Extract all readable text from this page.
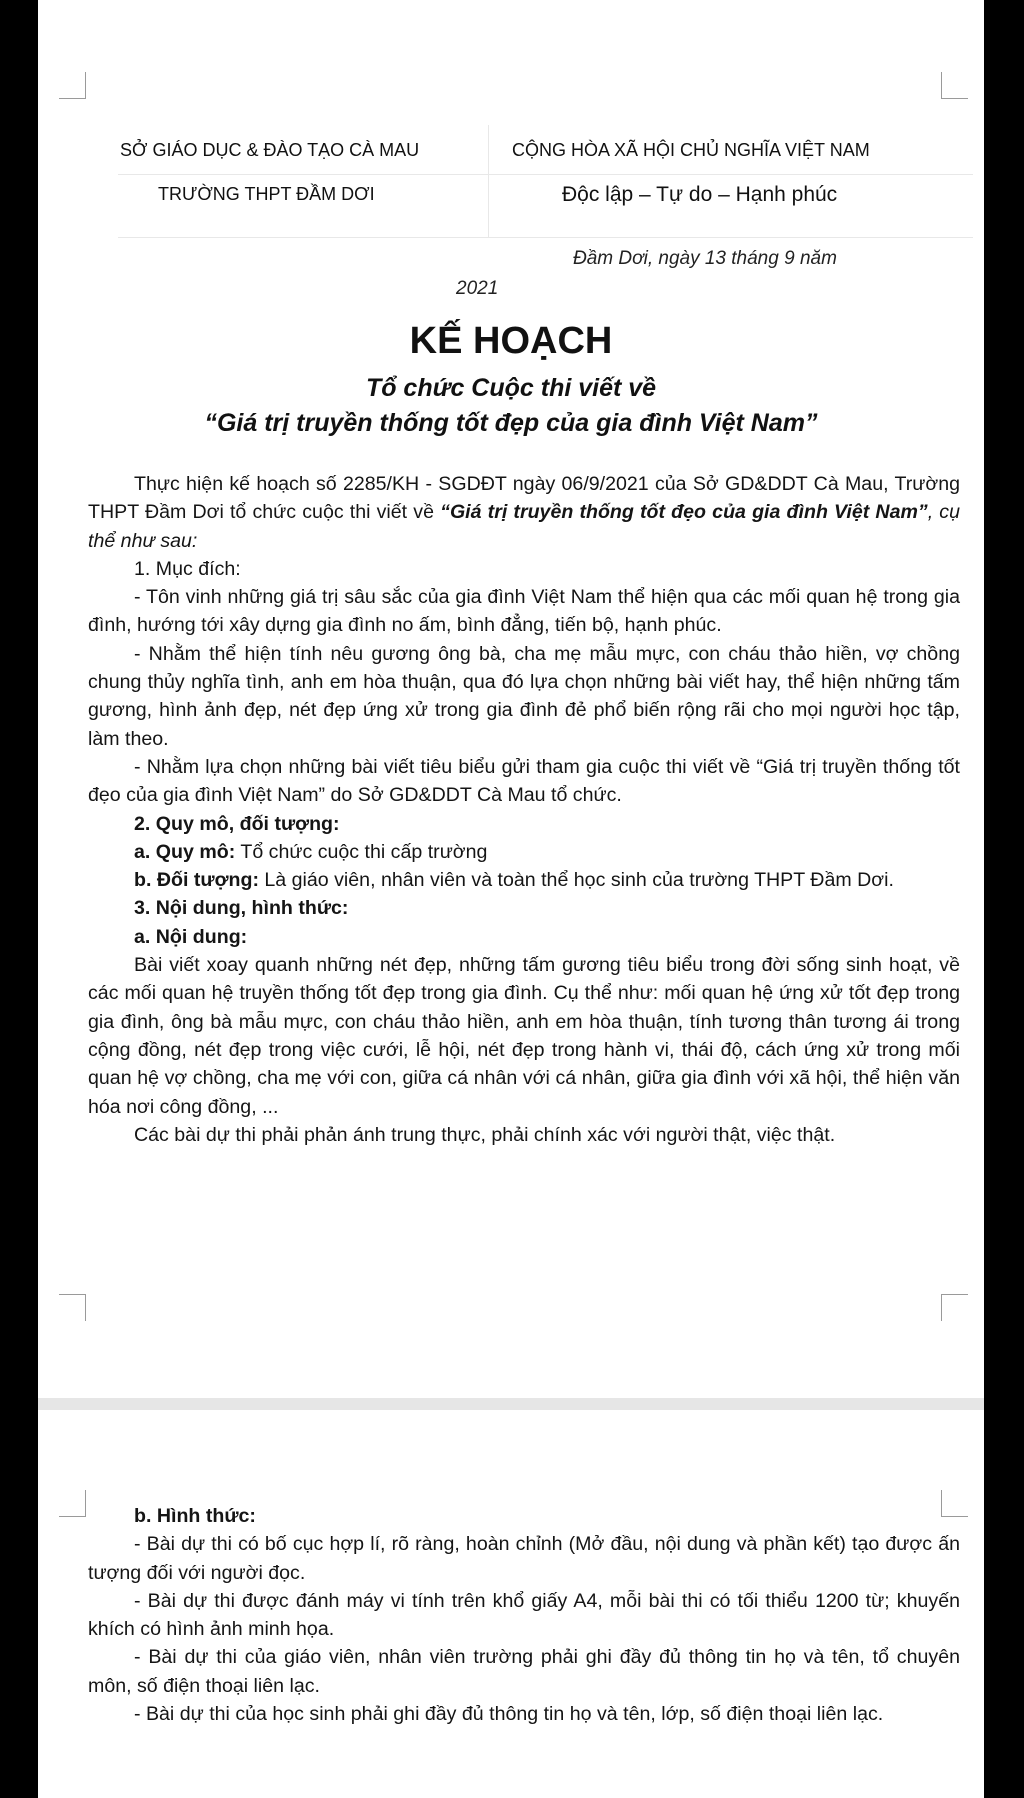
SỞ GIÁO DỤC & ĐÀO TẠO CÀ MAU
TRƯỜNG THPT ĐẦM DƠI
CỘNG HÒA XÃ HỘI CHỦ NGHĨA VIỆT NAM
Độc lập – Tự do – Hạnh phúc
Đầm Dơi, ngày 13 tháng 9 năm
2021
KẾ HOẠCH
Tổ chức Cuộc thi viết về
“Giá trị truyền thống tốt đẹp của gia đình Việt Nam”

Thực hiện kế hoạch số 2285/KH - SGDĐT ngày 06/9/2021 của Sở GD&DDT Cà Mau, Trường THPT Đầm Dơi tổ chức cuộc thi viết về “Giá trị truyền thống tốt đẹo của gia đình Việt Nam”, cụ thể như sau:

1. Mục đích:

- Tôn vinh những giá trị sâu sắc của gia đình Việt Nam thể hiện qua các mối quan hệ trong gia đình, hướng tới xây dựng gia đình no ấm, bình đẳng, tiến bộ, hạnh phúc.

- Nhằm thể hiện tính nêu gương ông bà, cha mẹ mẫu mực, con cháu thảo hiền, vợ chồng chung thủy nghĩa tình, anh em hòa thuận, qua đó lựa chọn những bài viết hay, thể hiện những tấm gương, hình ảnh đẹp, nét đẹp ứng xử trong gia đình đẻ phổ biến rộng rãi cho mọi người học tập, làm theo.

- Nhằm lựa chọn những bài viết tiêu biểu gửi tham gia cuộc thi viết về “Giá trị truyền thống tốt đẹo của gia đình Việt Nam” do Sở GD&DDT Cà Mau tổ chức.

2. Quy mô, đối tượng:

a. Quy mô: Tổ chức cuộc thi cấp trường

b. Đối tượng: Là giáo viên, nhân viên và toàn thể học sinh của trường THPT Đầm Dơi.

3. Nội dung, hình thức:

a. Nội dung:

Bài viết xoay quanh những nét đẹp, những tấm gương tiêu biểu trong đời sống sinh hoạt, về các mối quan hệ truyền thống tốt đẹp trong gia đình. Cụ thể như: mối quan hệ ứng xử tốt đẹp trong gia đình, ông bà mẫu mực, con cháu thảo hiền, anh em hòa thuận, tính tương thân tương ái trong cộng đồng, nét đẹp trong việc cưới, lễ hội, nét đẹp trong hành vi, thái độ, cách ứng xử trong mối quan hệ vợ chồng, cha mẹ với con, giữa cá nhân với cá nhân, giữa gia đình với xã hội, thể hiện văn hóa nơi công đồng, ...

Các bài dự thi phải phản ánh trung thực, phải chính xác với người thật, việc thật.

b. Hình thức:

- Bài dự thi có bố cục hợp lí, rõ ràng, hoàn chỉnh (Mở đầu, nội dung và phần kết) tạo được ấn tượng đối với người đọc.

- Bài dự thi được đánh máy vi tính trên khổ giấy A4, mỗi bài thi có tối thiểu 1200 từ; khuyến khích có hình ảnh minh họa.

- Bài dự thi của giáo viên, nhân viên trường phải ghi đầy đủ thông tin họ và tên, tổ chuyên môn, số điện thoại liên lạc.

- Bài dự thi của học sinh phải ghi đầy đủ thông tin họ và tên, lớp, số điện thoại liên lạc.
